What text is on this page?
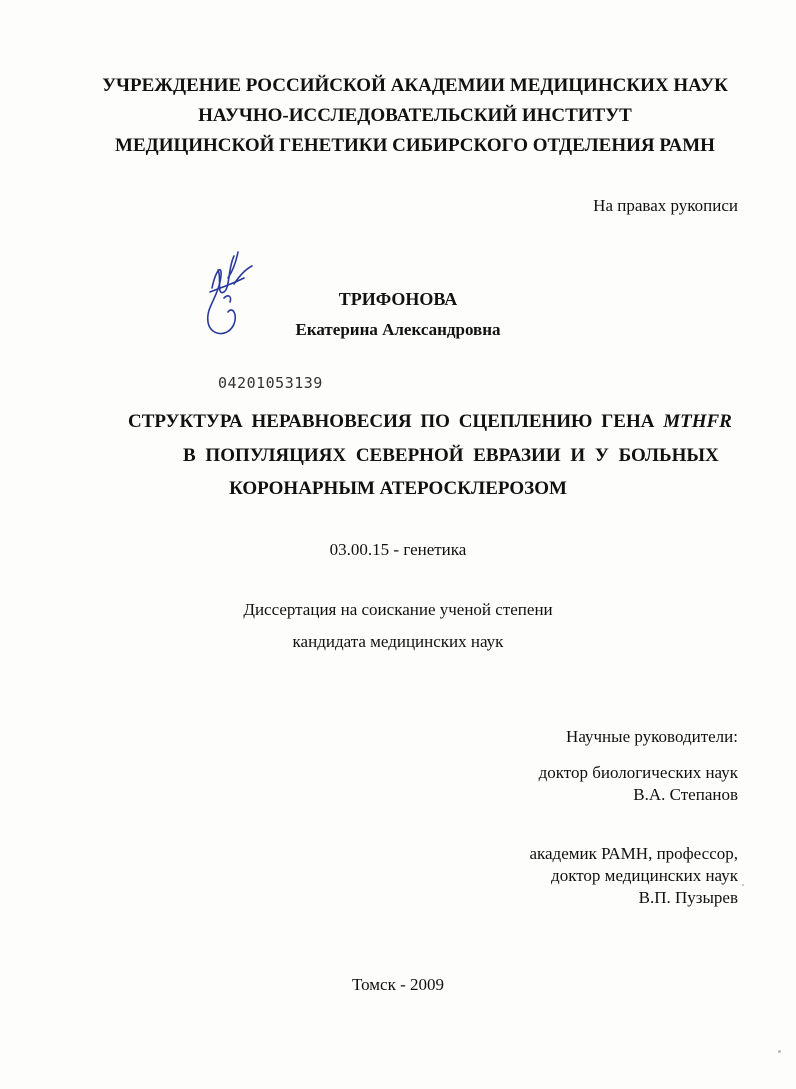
УЧРЕЖДЕНИЕ РОССИЙСКОЙ АКАДЕМИИ МЕДИЦИНСКИХ НАУК
НАУЧНО-ИССЛЕДОВАТЕЛЬСКИЙ ИНСТИТУТ
МЕДИЦИНСКОЙ ГЕНЕТИКИ СИБИРСКОГО ОТДЕЛЕНИЯ РАМН
На правах рукописи
ТРИФОНОВА
Екатерина Александровна
04201053139
СТРУКТУРА НЕРАВНОВЕСИЯ ПО СЦЕПЛЕНИЮ ГЕНА MTHFR
В ПОПУЛЯЦИЯХ СЕВЕРНОЙ ЕВРАЗИИ И У БОЛЬНЫХ
КОРОНАРНЫМ АТЕРОСКЛЕРОЗОМ
03.00.15 - генетика
Диссертация на соискание ученой степени
кандидата медицинских наук
Научные руководители:
доктор биологических наук
В.А. Степанов
академик РАМН, профессор,
доктор медицинских наук
В.П. Пузырев
Томск - 2009
